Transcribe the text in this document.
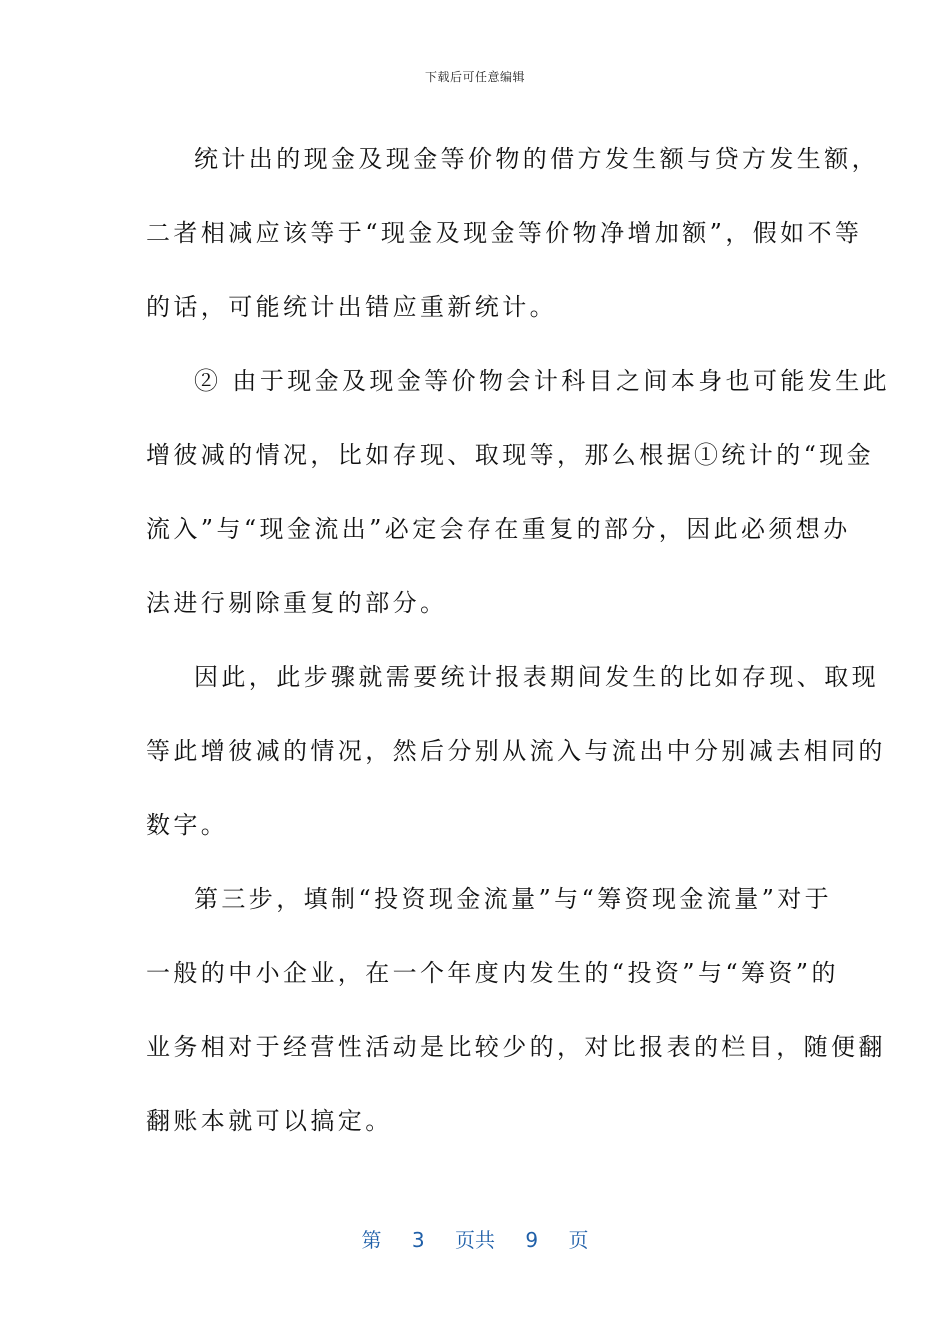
下载后可任意编辑

统计出的现金及现金等价物的借方发生额与贷方发生额，
二者相减应该等于“现金及现金等价物净增加额”，假如不等
的话，可能统计出错应重新统计。

② 由于现金及现金等价物会计科目之间本身也可能发生此
增彼减的情况，比如存现、取现等，那么根据①统计的“现金
流入”与“现金流出”必定会存在重复的部分，因此必须想办
法进行剔除重复的部分。

因此，此步骤就需要统计报表期间发生的比如存现、取现
等此增彼减的情况，然后分别从流入与流出中分别减去相同的
数字。

第三步，填制“投资现金流量”与“筹资现金流量”对于
一般的中小企业，在一个年度内发生的“投资”与“筹资”的
业务相对于经营性活动是比较少的，对比报表的栏目，随便翻
翻账本就可以搞定。

第 3 页共 9 页
